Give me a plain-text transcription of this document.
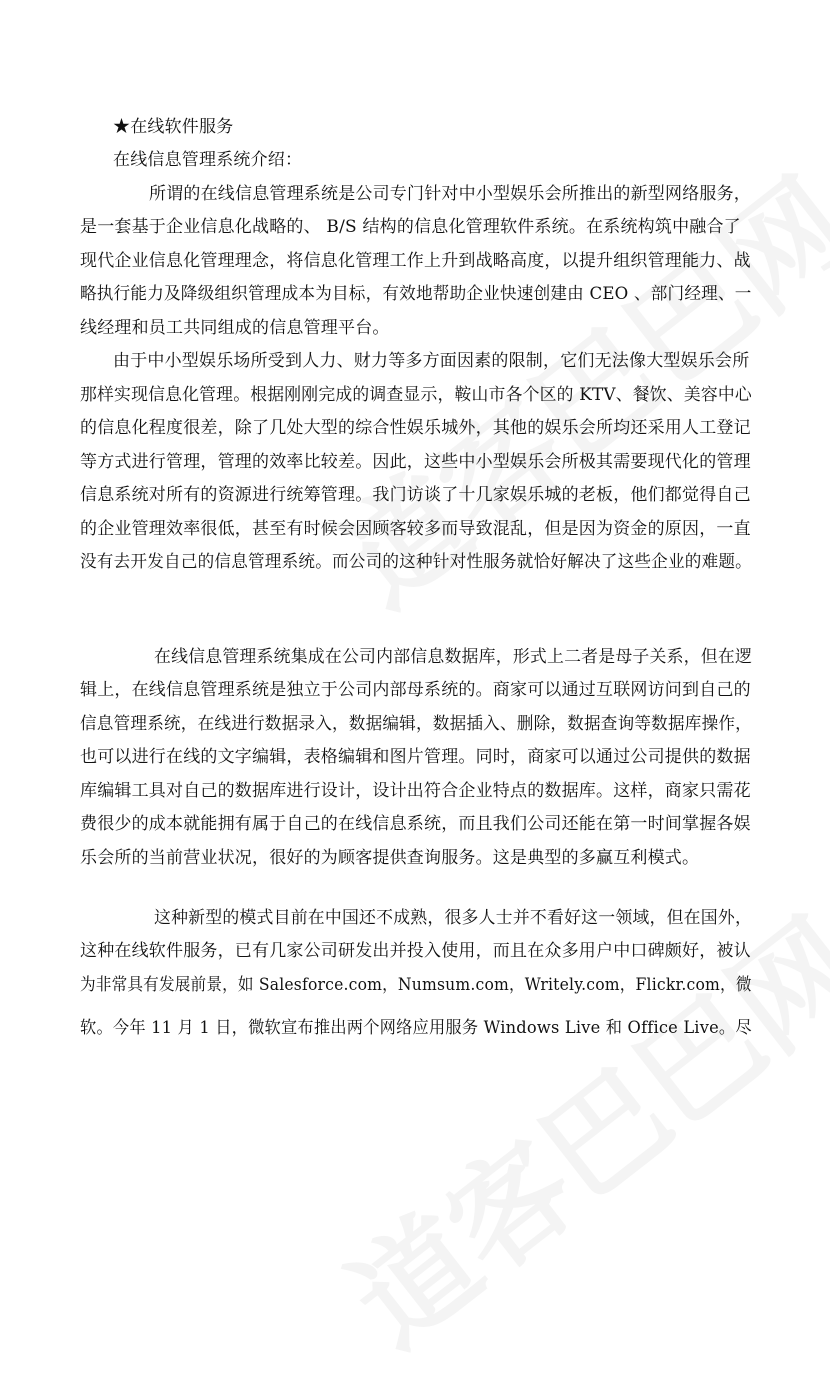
★在线软件服务
在线信息管理系统介绍：
所谓的在线信息管理系统是公司专门针对中小型娱乐会所推出的新型网络服务，
是一套基于企业信息化战略的、 B/S 结构的信息化管理软件系统。在系统构筑中融合了
现代企业信息化管理理念，将信息化管理工作上升到战略高度，以提升组织管理能力、战
略执行能力及降级组织管理成本为目标，有效地帮助企业快速创建由 CEO 、部门经理、一
线经理和员工共同组成的信息管理平台。
由于中小型娱乐场所受到人力、财力等多方面因素的限制，它们无法像大型娱乐会所
那样实现信息化管理。根据刚刚完成的调查显示，鞍山市各个区的 KTV、餐饮、美容中心
的信息化程度很差，除了几处大型的综合性娱乐城外，其他的娱乐会所均还采用人工登记
等方式进行管理，管理的效率比较差。因此，这些中小型娱乐会所极其需要现代化的管理
信息系统对所有的资源进行统筹管理。我门访谈了十几家娱乐城的老板，他们都觉得自己
的企业管理效率很低，甚至有时候会因顾客较多而导致混乱，但是因为资金的原因，一直
没有去开发自己的信息管理系统。而公司的这种针对性服务就恰好解决了这些企业的难题。
在线信息管理系统集成在公司内部信息数据库，形式上二者是母子关系，但在逻
辑上，在线信息管理系统是独立于公司内部母系统的。商家可以通过互联网访问到自己的
信息管理系统，在线进行数据录入，数据编辑，数据插入、删除，数据查询等数据库操作，
也可以进行在线的文字编辑，表格编辑和图片管理。同时，商家可以通过公司提供的数据
库编辑工具对自己的数据库进行设计，设计出符合企业特点的数据库。这样，商家只需花
费很少的成本就能拥有属于自己的在线信息系统，而且我们公司还能在第一时间掌握各娱
乐会所的当前营业状况，很好的为顾客提供查询服务。这是典型的多赢互利模式。
这种新型的模式目前在中国还不成熟，很多人士并不看好这一领域，但在国外，
这种在线软件服务，已有几家公司研发出并投入使用，而且在众多用户中口碑颇好，被认
为非常具有发展前景，如 Salesforce.com，Numsum.com，Writely.com，Flickr.com，微
软。今年 11 月 1 日，微软宣布推出两个网络应用服务 Windows Live 和 Office Live。尽
